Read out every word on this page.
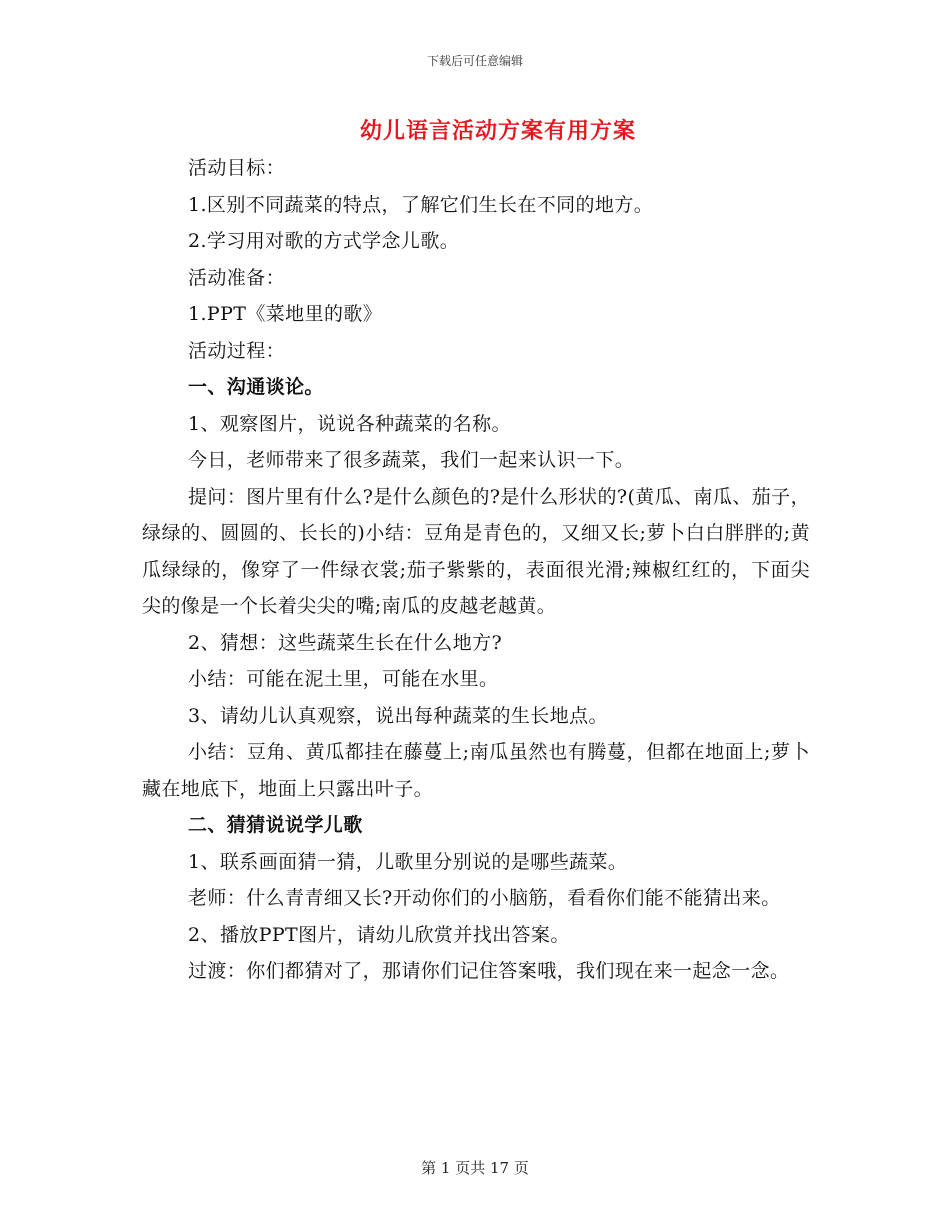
下载后可任意编辑
幼儿语言活动方案有用方案

活动目标：

1.区别不同蔬菜的特点，了解它们生长在不同的地方。

2.学习用对歌的方式学念儿歌。

活动准备：

1.PPT《菜地里的歌》

活动过程：

一、沟通谈论。

1、观察图片，说说各种蔬菜的名称。

今日，老师带来了很多蔬菜，我们一起来认识一下。

提问：图片里有什么?是什么颜色的?是什么形状的?(黄瓜、南瓜、茄子，绿绿的、圆圆的、长长的)小结：豆角是青色的，又细又长;萝卜白白胖胖的;黄瓜绿绿的，像穿了一件绿衣裳;茄子紫紫的，表面很光滑;辣椒红红的，下面尖尖的像是一个长着尖尖的嘴;南瓜的皮越老越黄。

2、猜想：这些蔬菜生长在什么地方?

小结：可能在泥土里，可能在水里。

3、请幼儿认真观察，说出每种蔬菜的生长地点。

小结：豆角、黄瓜都挂在藤蔓上;南瓜虽然也有腾蔓，但都在地面上;萝卜藏在地底下，地面上只露出叶子。

二、猜猜说说学儿歌

1、联系画面猜一猜，儿歌里分别说的是哪些蔬菜。

老师：什么青青细又长?开动你们的小脑筋，看看你们能不能猜出来。

2、播放PPT图片，请幼儿欣赏并找出答案。

过渡：你们都猜对了，那请你们记住答案哦，我们现在来一起念一念。

第 1 页共 17 页
